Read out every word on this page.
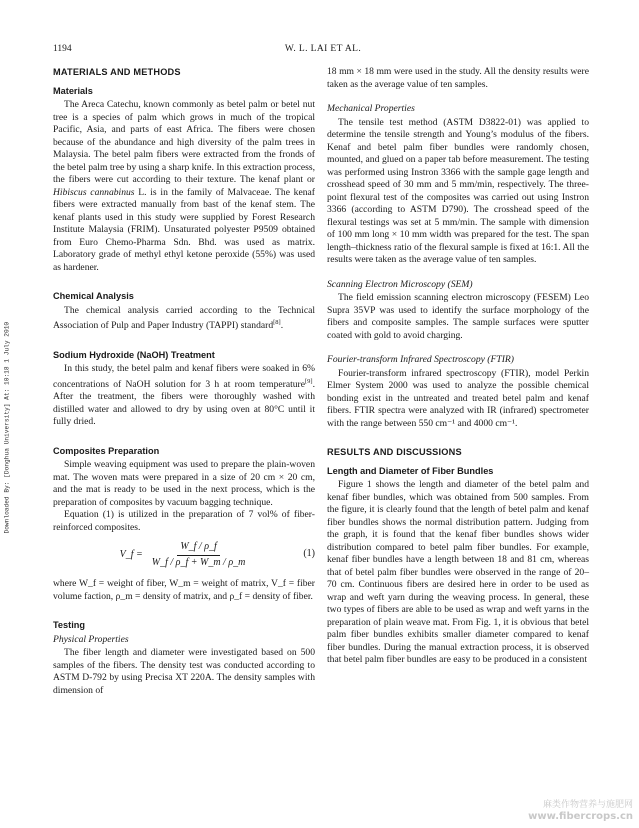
1194	W. L. LAI ET AL.
Downloaded By: [Donghua University] At: 10:18 1 July 2010
MATERIALS AND METHODS
Materials

The Areca Catechu, known commonly as betel palm or betel nut tree is a species of palm which grows in much of the tropical Pacific, Asia, and parts of east Africa. The fibers were chosen because of the abundance and high diversity of the palm trees in Malaysia. The betel palm fibers were extracted from the fronds of the betel palm tree by using a sharp knife. In this extraction process, the fibers were cut according to their texture. The kenaf plant or Hibiscus cannabinus L. is in the family of Malvaceae. The kenaf fibers were extracted manually from bast of the kenaf stem. The kenaf plants used in this study were supplied by Forest Research Institute Malaysia (FRIM). Unsaturated polyester P9509 obtained from Euro Chemo-Pharma Sdn. Bhd. was used as matrix. Laboratory grade of methyl ethyl ketone peroxide (55%) was used as hardener.

Chemical Analysis

The chemical analysis carried according to the Technical Association of Pulp and Paper Industry (TAPPI) standard[8].

Sodium Hydroxide (NaOH) Treatment

In this study, the betel palm and kenaf fibers were soaked in 6% concentrations of NaOH solution for 3 h at room temperature[9]. After the treatment, the fibers were thoroughly washed with distilled water and allowed to dry by using oven at 80°C until it fully dried.

Composites Preparation

Simple weaving equipment was used to prepare the plain-woven mat. The woven mats were prepared in a size of 20 cm × 20 cm, and the mat is ready to be used in the next process, which is the preparation of composites by vacuum bagging technique.

Equation (1) is utilized in the preparation of 7 vol% of fiber-reinforced composites.

V_f = $\frac{W\_f / \rho\_f}{W\_f / \rho\_f + W\_m / \rho\_m}$	(1)

where W_f = weight of fiber, W_m = weight of matrix, V_f = fiber volume faction, ρ_m = density of matrix, and ρ_f = density of fiber.

Testing
Physical Properties

The fiber length and diameter were investigated based on 500 samples of the fibers. The density test was conducted according to ASTM D-792 by using Precisa XT 220A. The density samples with dimension of

18 mm × 18 mm were used in the study. All the density results were taken as the average value of ten samples.

Mechanical Properties

The tensile test method (ASTM D3822-01) was applied to determine the tensile strength and Young’s modulus of the fibers. Kenaf and betel palm fiber bundles were randomly chosen, mounted, and glued on a paper tab before measurement. The testing was performed using Instron 3366 with the sample gage length and crosshead speed of 30 mm and 5 mm/min, respectively. The three-point flexural test of the composites was carried out using Instron 3366 (according to ASTM D790). The crosshead speed of the flexural testings was set at 5 mm/min. The sample with dimension of 100 mm long × 10 mm width was prepared for the test. The span length–thickness ratio of the flexural sample is fixed at 16:1. All the results were taken as the average value of ten samples.

Scanning Electron Microscopy (SEM)

The field emission scanning electron microscopy (FESEM) Leo Supra 35VP was used to identify the surface morphology of the fibers and composite samples. The sample surfaces were sputter coated with gold to avoid charging.

Fourier-transform Infrared Spectroscopy (FTIR)

Fourier-transform infrared spectroscopy (FTIR), model Perkin Elmer System 2000 was used to analyze the possible chemical bonding exist in the untreated and treated betel palm and kenaf fibers. FTIR spectra were analyzed with IR (infrared) spectrometer with the range between 550 cm⁻¹ and 4000 cm⁻¹.

RESULTS AND DISCUSSIONS
Length and Diameter of Fiber Bundles

Figure 1 shows the length and diameter of the betel palm and kenaf fiber bundles, which was obtained from 500 samples. From the figure, it is clearly found that the length of betel palm and kenaf fiber bundles shows the normal distribution pattern. Judging from the graph, it is found that the kenaf fiber bundles shows wider distribution compared to betel palm fiber bundles. For example, kenaf fiber bundles have a length between 18 and 81 cm, whereas that of betel palm fiber bundles were observed in the range of 20–70 cm. Continuous fibers are desired here in order to be used as wrap and weft yarn during the weaving process. In general, these two types of fibers are able to be used as wrap and weft yarns in the preparation of plain weave mat. From Fig. 1, it is obvious that betel palm fiber bundles exhibits smaller diameter compared to kenaf fiber bundles. During the manual extraction process, it is observed that betel palm fiber bundles are easy to be produced in a consistent

麻类作物营养与施肥网
www.fibercrops.cn
